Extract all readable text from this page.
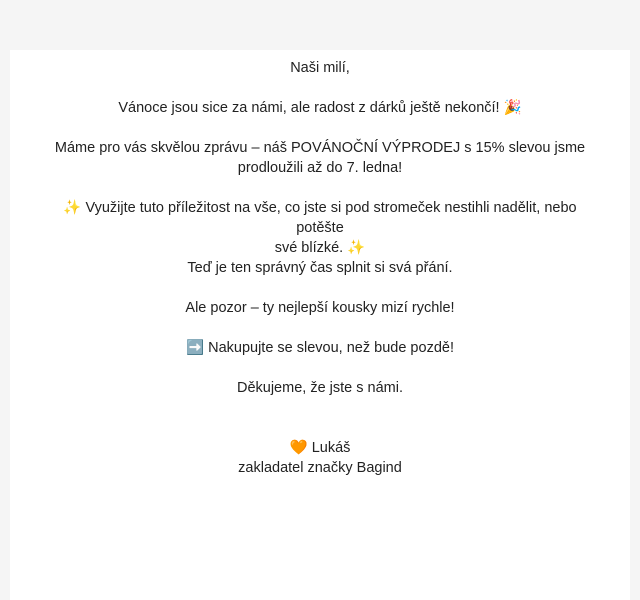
Naši milí,

Vánoce jsou sice za námi, ale radost z dárků ještě nekončí! 🎉

Máme pro vás skvělou zprávu – náš POVÁNOČNÍ VÝPRODEJ s 15% slevou jsme
prodloužili až do 7. ledna!

✨ Využijte tuto příležitost na vše, co jste si pod stromeček nestihli nadělit, nebo potěšte
své blízké. ✨
Teď je ten správný čas splnit si svá přání.

Ale pozor – ty nejlepší kousky mizí rychle!

➡️ Nakupujte se slevou, než bude pozdě!

Děkujeme, že jste s námi.

🧡 Lukáš
zakladatel značky Bagind
